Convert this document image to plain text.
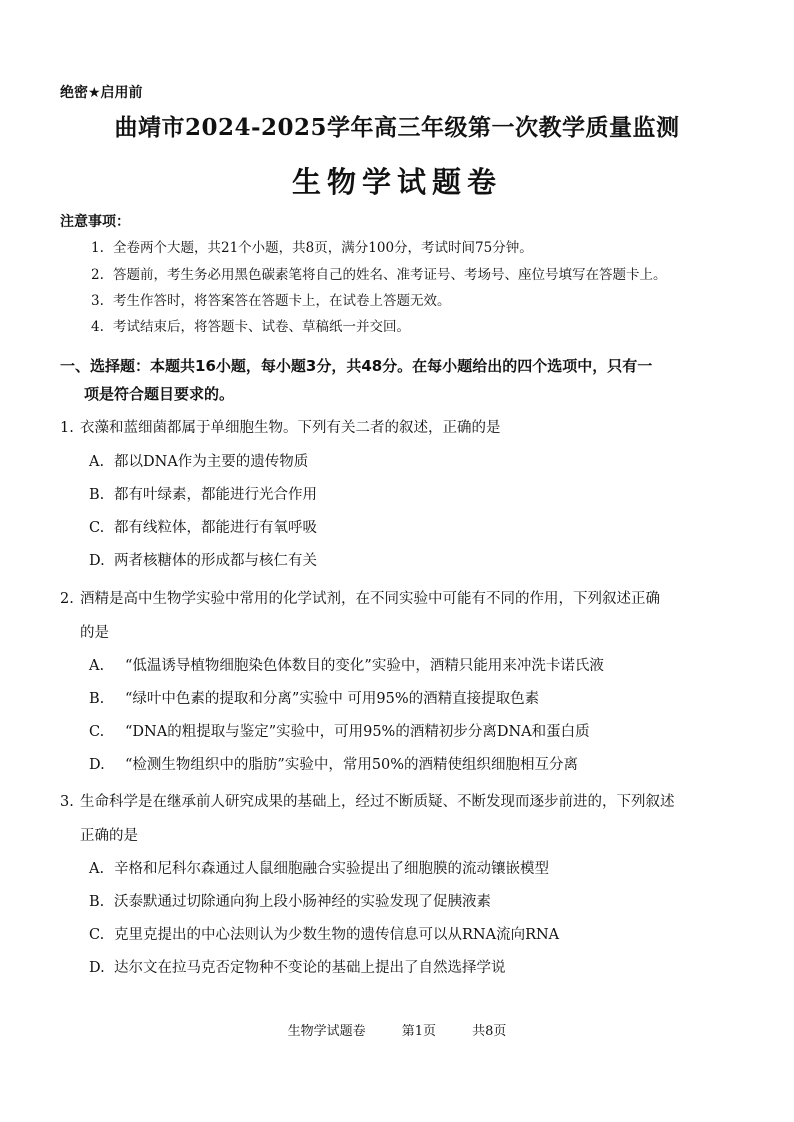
绝密★启用前
曲靖市2024-2025学年高三年级第一次教学质量监测
生物学试题卷
注意事项：
1. 全卷两个大题，共21个小题，共8页，满分100分，考试时间75分钟。
2. 答题前，考生务必用黑色碳素笔将自己的姓名、准考证号、考场号、座位号填写在答题卡上。
3. 考生作答时，将答案答在答题卡上，在试卷上答题无效。
4. 考试结束后，将答题卡、试卷、草稿纸一并交回。
一、选择题：本题共16小题，每小题3分，共48分。在每小题给出的四个选项中，只有一
项是符合题目要求的。
1. 衣藻和蓝细菌都属于单细胞生物。下列有关二者的叙述，正确的是
A. 都以DNA作为主要的遗传物质
B. 都有叶绿素，都能进行光合作用
C. 都有线粒体，都能进行有氧呼吸
D. 两者核糖体的形成都与核仁有关
2. 酒精是高中生物学实验中常用的化学试剂，在不同实验中可能有不同的作用，下列叙述正确
的是
A. “低温诱导植物细胞染色体数目的变化”实验中，酒精只能用来冲洗卡诺氏液
B. “绿叶中色素的提取和分离”实验中 可用95%的酒精直接提取色素
C. “DNA的粗提取与鉴定”实验中，可用95%的酒精初步分离DNA和蛋白质
D. “检测生物组织中的脂肪”实验中，常用50%的酒精使组织细胞相互分离
3. 生命科学是在继承前人研究成果的基础上，经过不断质疑、不断发现而逐步前进的，下列叙述
正确的是
A. 辛格和尼科尔森通过人鼠细胞融合实验提出了细胞膜的流动镶嵌模型
B. 沃泰默通过切除通向狗上段小肠神经的实验发现了促胰液素
C. 克里克提出的中心法则认为少数生物的遗传信息可以从RNA流向RNA
D. 达尔文在拉马克否定物种不变论的基础上提出了自然选择学说
生物学试题卷	第1页	共8页
